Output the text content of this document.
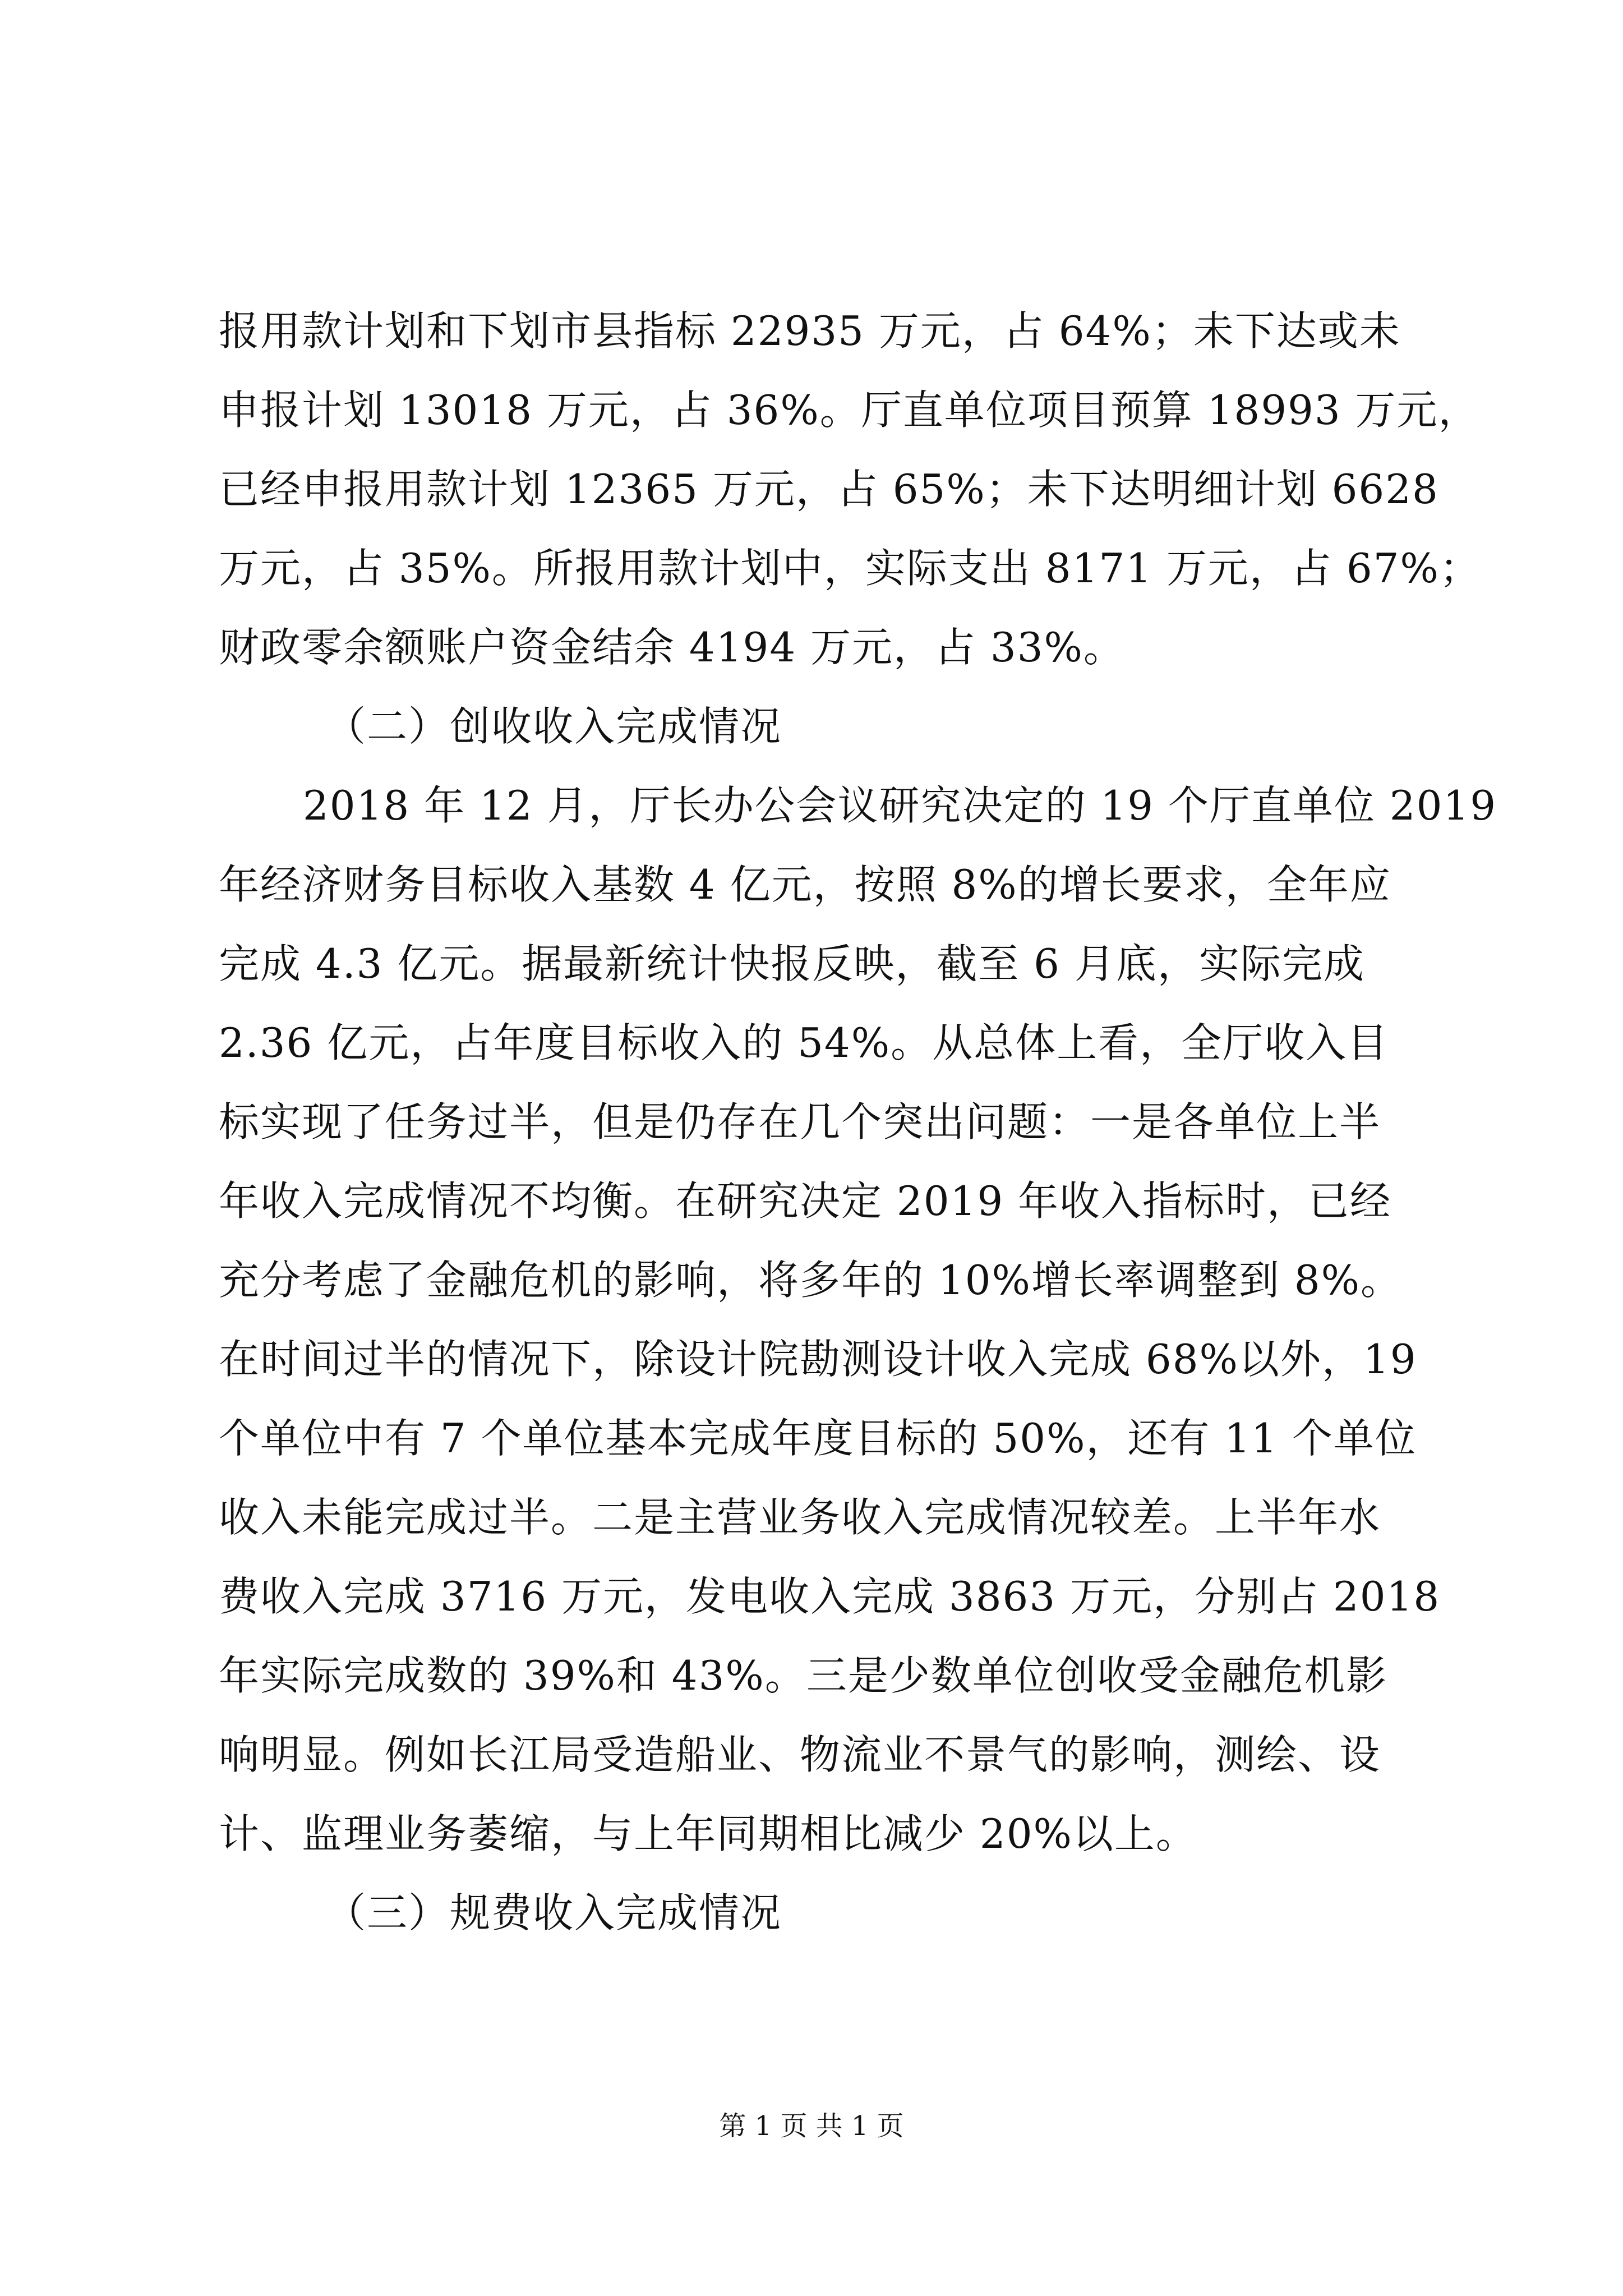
报用款计划和下划市县指标 22935 万元，占 64%；未下达或未
申报计划 13018 万元，占 36%。厅直单位项目预算 18993 万元，
已经申报用款计划 12365 万元，占 65%；未下达明细计划 6628
万元，占 35%。所报用款计划中，实际支出 8171 万元，占 67%；
财政零余额账户资金结余 4194 万元，占 33%。
（二）创收收入完成情况
2018 年 12 月，厅长办公会议研究决定的 19 个厅直单位 2019
年经济财务目标收入基数 4 亿元，按照 8%的增长要求，全年应
完成 4.3 亿元。据最新统计快报反映，截至 6 月底，实际完成
2.36 亿元，占年度目标收入的 54%。从总体上看，全厅收入目
标实现了任务过半，但是仍存在几个突出问题：一是各单位上半
年收入完成情况不均衡。在研究决定 2019 年收入指标时，已经
充分考虑了金融危机的影响，将多年的 10%增长率调整到 8%。
在时间过半的情况下，除设计院勘测设计收入完成 68%以外，19
个单位中有 7 个单位基本完成年度目标的 50%，还有 11 个单位
收入未能完成过半。二是主营业务收入完成情况较差。上半年水
费收入完成 3716 万元，发电收入完成 3863 万元，分别占 2018
年实际完成数的 39%和 43%。三是少数单位创收受金融危机影
响明显。例如长江局受造船业、物流业不景气的影响，测绘、设
计、监理业务萎缩，与上年同期相比减少 20%以上。
（三）规费收入完成情况
第 1 页 共 1 页
